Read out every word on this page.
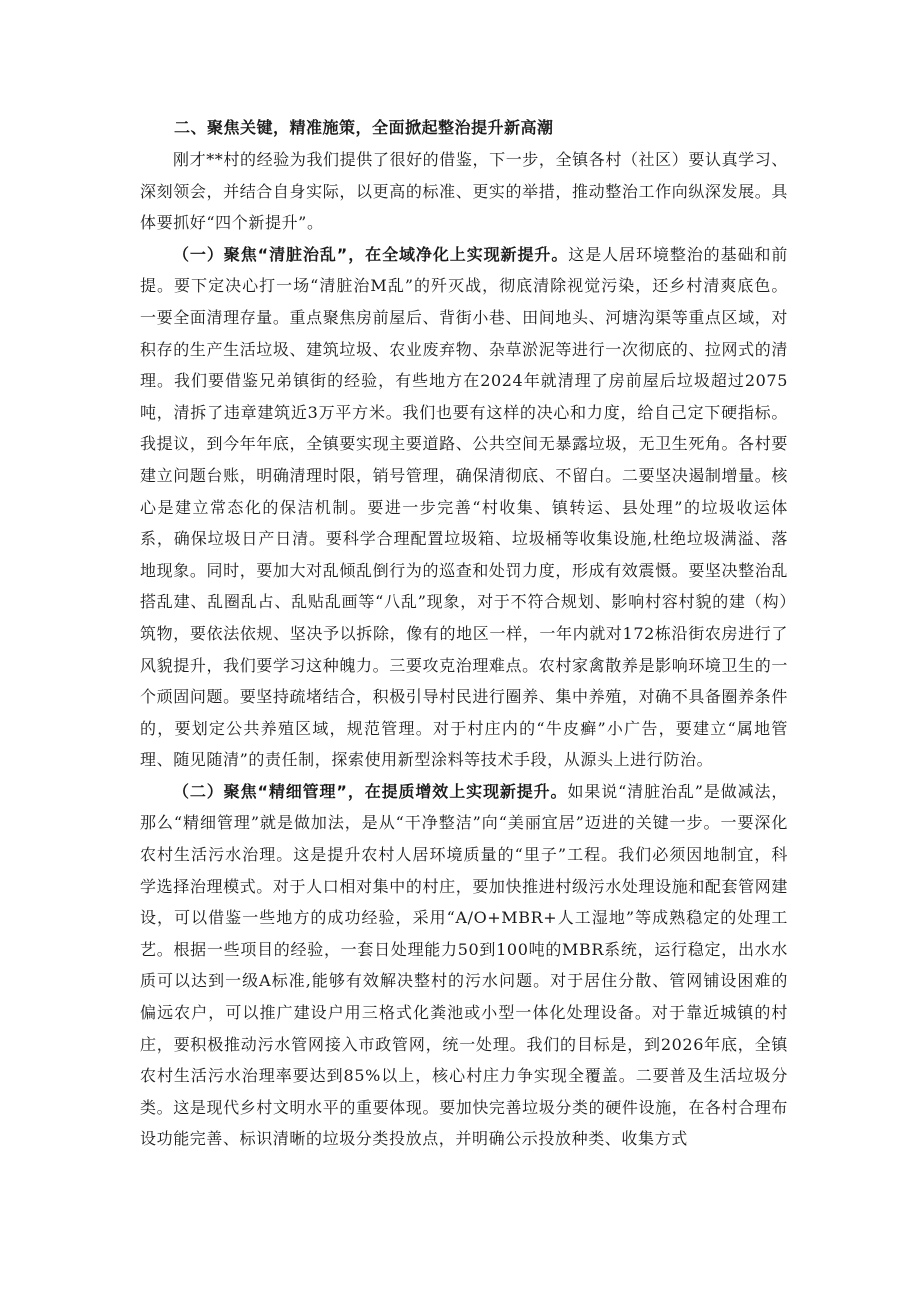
二、聚焦关键，精准施策，全面掀起整治提升新高潮

刚才**村的经验为我们提供了很好的借鉴，下一步，全镇各村（社区）要认真学习、深刻领会，并结合自身实际，以更高的标准、更实的举措，推动整治工作向纵深发展。具体要抓好“四个新提升”。

（一）聚焦“清脏治乱”，在全域净化上实现新提升。这是人居环境整治的基础和前提。要下定决心打一场“清脏治M乱”的歼灭战，彻底清除视觉污染，还乡村清爽底色。一要全面清理存量。重点聚焦房前屋后、背街小巷、田间地头、河塘沟渠等重点区域，对积存的生产生活垃圾、建筑垃圾、农业废弃物、杂草淤泥等进行一次彻底的、拉网式的清理。我们要借鉴兄弟镇街的经验，有些地方在2024年就清理了房前屋后垃圾超过2075吨，清拆了违章建筑近3万平方米。我们也要有这样的决心和力度，给自己定下硬指标。我提议，到今年年底，全镇要实现主要道路、公共空间无暴露垃圾，无卫生死角。各村要建立问题台账，明确清理时限，销号管理，确保清彻底、不留白。二要坚决遏制增量。核心是建立常态化的保洁机制。要进一步完善“村收集、镇转运、县处理”的垃圾收运体系，确保垃圾日产日清。要科学合理配置垃圾箱、垃圾桶等收集设施,杜绝垃圾满溢、落地现象。同时，要加大对乱倾乱倒行为的巡查和处罚力度，形成有效震慑。要坚决整治乱搭乱建、乱圈乱占、乱贴乱画等“八乱”现象，对于不符合规划、影响村容村貌的建（构）筑物，要依法依规、坚决予以拆除，像有的地区一样，一年内就对172栋沿街农房进行了风貌提升，我们要学习这种魄力。三要攻克治理难点。农村家禽散养是影响环境卫生的一个顽固问题。要坚持疏堵结合，积极引导村民进行圈养、集中养殖，对确不具备圈养条件的，要划定公共养殖区域，规范管理。对于村庄内的“牛皮癣”小广告，要建立“属地管理、随见随清”的责任制，探索使用新型涂料等技术手段，从源头上进行防治。

（二）聚焦“精细管理”，在提质增效上实现新提升。如果说“清脏治乱”是做减法，那么“精细管理”就是做加法，是从“干净整洁”向“美丽宜居”迈进的关键一步。一要深化农村生活污水治理。这是提升农村人居环境质量的“里子”工程。我们必须因地制宜，科学选择治理模式。对于人口相对集中的村庄，要加快推进村级污水处理设施和配套管网建设，可以借鉴一些地方的成功经验，采用“A/O+MBR+人工湿地”等成熟稳定的处理工艺。根据一些项目的经验，一套日处理能力50到100吨的MBR系统，运行稳定，出水水质可以达到一级A标准,能够有效解决整村的污水问题。对于居住分散、管网铺设困难的偏远农户，可以推广建设户用三格式化粪池或小型一体化处理设备。对于靠近城镇的村庄，要积极推动污水管网接入市政管网，统一处理。我们的目标是，到2026年底，全镇农村生活污水治理率要达到85%以上，核心村庄力争实现全覆盖。二要普及生活垃圾分类。这是现代乡村文明水平的重要体现。要加快完善垃圾分类的硬件设施，在各村合理布设功能完善、标识清晰的垃圾分类投放点，并明确公示投放种类、收集方式
